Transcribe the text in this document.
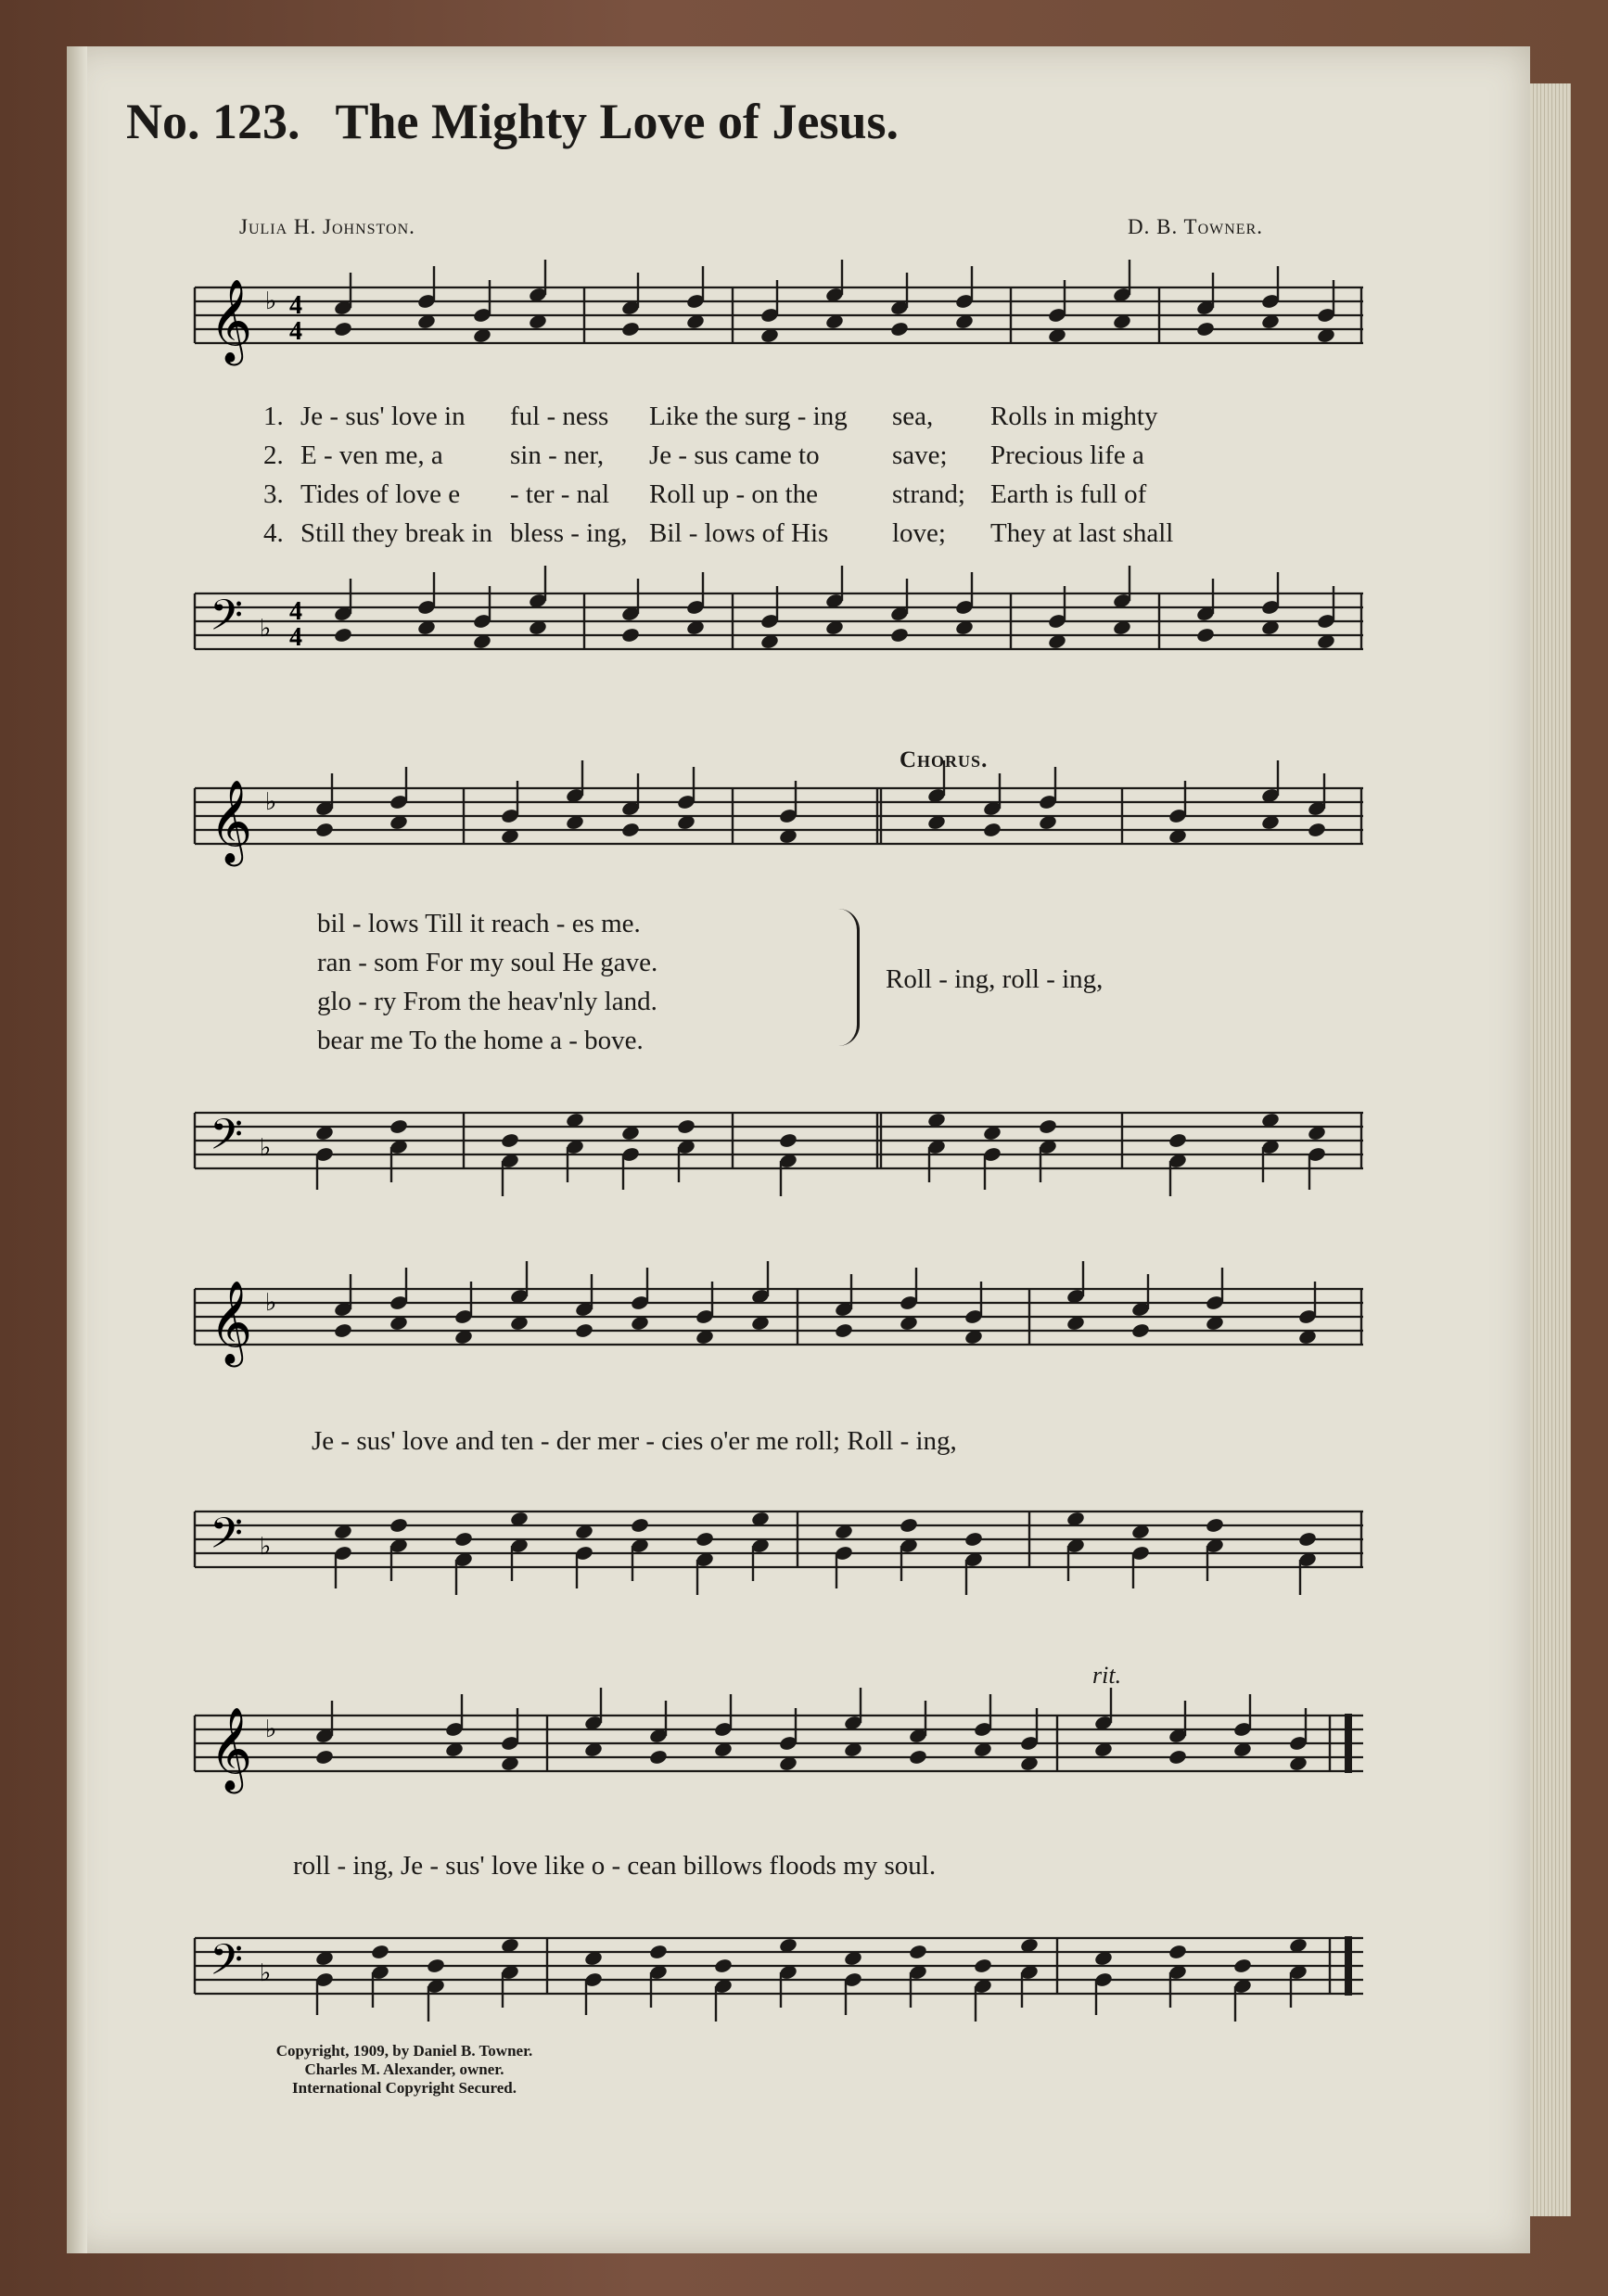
No. 123. The Mighty Love of Jesus.
Julia H. Johnston.	D. B. Towner.
𝄞 ♭ 4
4
1.	Je - sus' love in	ful - ness	Like the surg - ing	sea,	Rolls in mighty
2.	E - ven me, a	sin - ner,	Je - sus came to	save;	Precious life a
3.	Tides of love e	- ter - nal	Roll up - on the	strand;	Earth is full of
4.	Still they break in	bless - ing,	Bil - lows of His	love;	They at last shall
𝄢 ♭
4
4
Chorus.
𝄞 ♭
bil - lows Till it reach - es me.
ran - som For my soul He gave.
glo - ry From the heav'nly land.
bear me To the home a - bove.
Roll - ing, roll - ing,
𝄢 ♭
𝄞 ♭
Je - sus' love and ten - der mer - cies o'er me roll; Roll - ing,
𝄢 ♭
rit.
𝄞 ♭
roll - ing, Je - sus' love like o - cean billows floods my soul.
𝄢 ♭
Copyright, 1909, by Daniel B. Towner.
Charles M. Alexander, owner.
International Copyright Secured.
